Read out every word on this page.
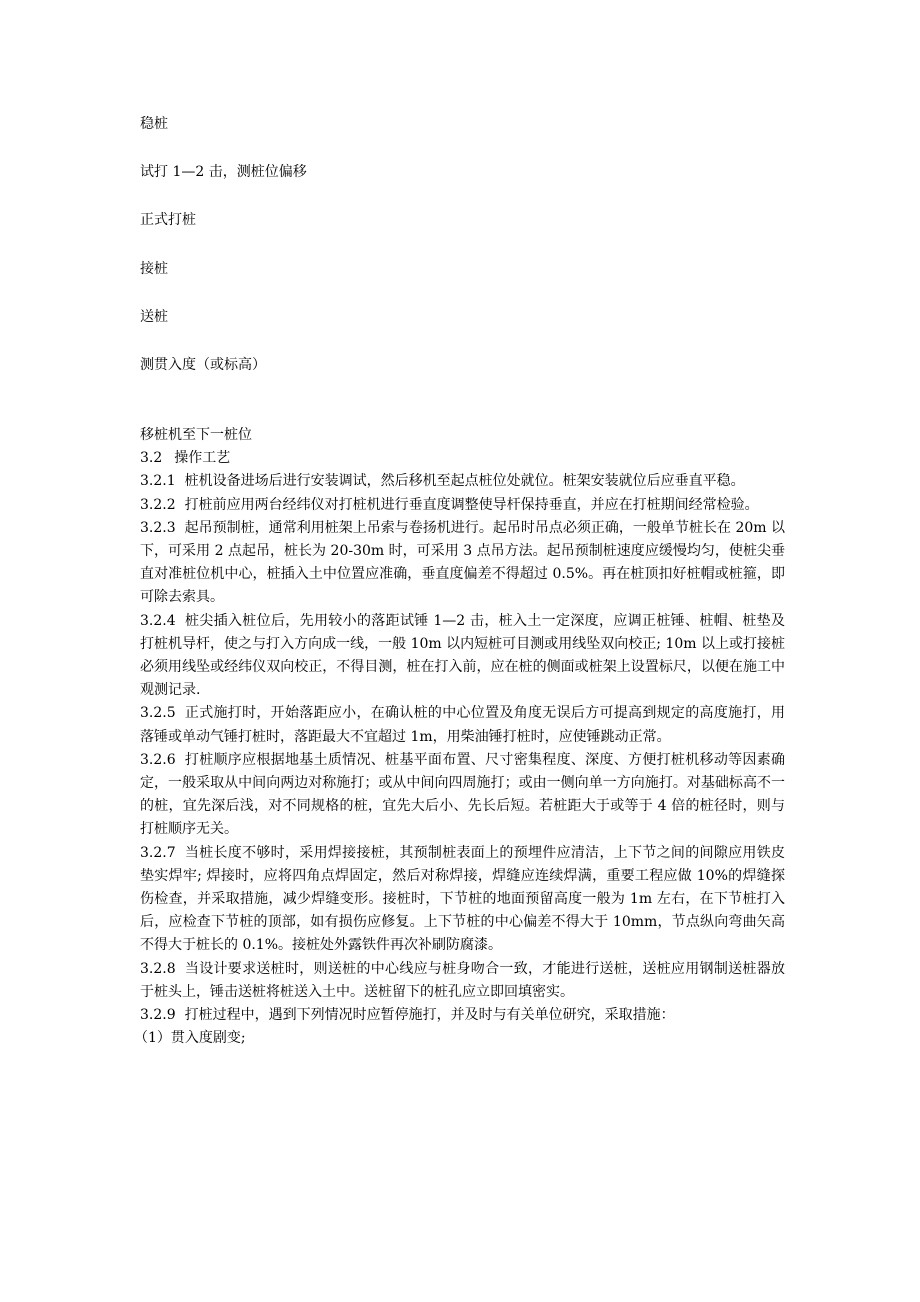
稳桩
试打 1—2 击，测桩位偏移
正式打桩
接桩
送桩
测贯入度（或标高）

移桩机至下一桩位

3.2 操作工艺

3.2.1 桩机设备进场后进行安装调试，然后移机至起点桩位处就位。桩架安装就位后应垂直平稳。

3.2.2 打桩前应用两台经纬仪对打桩机进行垂直度调整使导杆保持垂直，并应在打桩期间经常检验。

3.2.3 起吊预制桩，通常利用桩架上吊索与卷扬机进行。起吊时吊点必须正确，一般单节桩长在 20m 以下，可采用 2 点起吊，桩长为 20-30m 时，可采用 3 点吊方法。起吊预制桩速度应缓慢均匀，使桩尖垂直对准桩位机中心，桩插入土中位置应准确，垂直度偏差不得超过 0.5%。再在桩顶扣好桩帽或桩箍，即可除去索具。

3.2.4 桩尖插入桩位后，先用较小的落距试锤 1—2 击，桩入土一定深度，应调正桩锤、桩帽、桩垫及打桩机导杆，使之与打入方向成一线，一般 10m 以内短桩可目测或用线坠双向校正; 10m 以上或打接桩必须用线坠或经纬仪双向校正，不得目测，桩在打入前，应在桩的侧面或桩架上设置标尺，以便在施工中观测记录.

3.2.5 正式施打时，开始落距应小，在确认桩的中心位置及角度无误后方可提高到规定的高度施打，用落锤或单动气锤打桩时，落距最大不宜超过 1m，用柴油锤打桩时，应使锤跳动正常。

3.2.6 打桩顺序应根据地基土质情况、桩基平面布置、尺寸密集程度、深度、方便打桩机移动等因素确定，一般采取从中间向两边对称施打；或从中间向四周施打；或由一侧向单一方向施打。对基础标高不一的桩，宜先深后浅，对不同规格的桩，宜先大后小、先长后短。若桩距大于或等于 4 倍的桩径时，则与打桩顺序无关。

3.2.7 当桩长度不够时，采用焊接接桩，其预制桩表面上的预埋件应清洁，上下节之间的间隙应用铁皮垫实焊牢; 焊接时，应将四角点焊固定，然后对称焊接，焊缝应连续焊满，重要工程应做 10%的焊缝探伤检查，并采取措施，减少焊缝变形。接桩时，下节桩的地面预留高度一般为 1m 左右，在下节桩打入后，应检查下节桩的顶部，如有损伤应修复。上下节桩的中心偏差不得大于 10mm，节点纵向弯曲矢高不得大于桩长的 0.1%。接桩处外露铁件再次补刷防腐漆。

3.2.8 当设计要求送桩时，则送桩的中心线应与桩身吻合一致，才能进行送桩，送桩应用钢制送桩器放于桩头上，锤击送桩将桩送入土中。送桩留下的桩孔应立即回填密实。

3.2.9 打桩过程中，遇到下列情况时应暂停施打，并及时与有关单位研究，采取措施：

（1）贯入度剧变;
